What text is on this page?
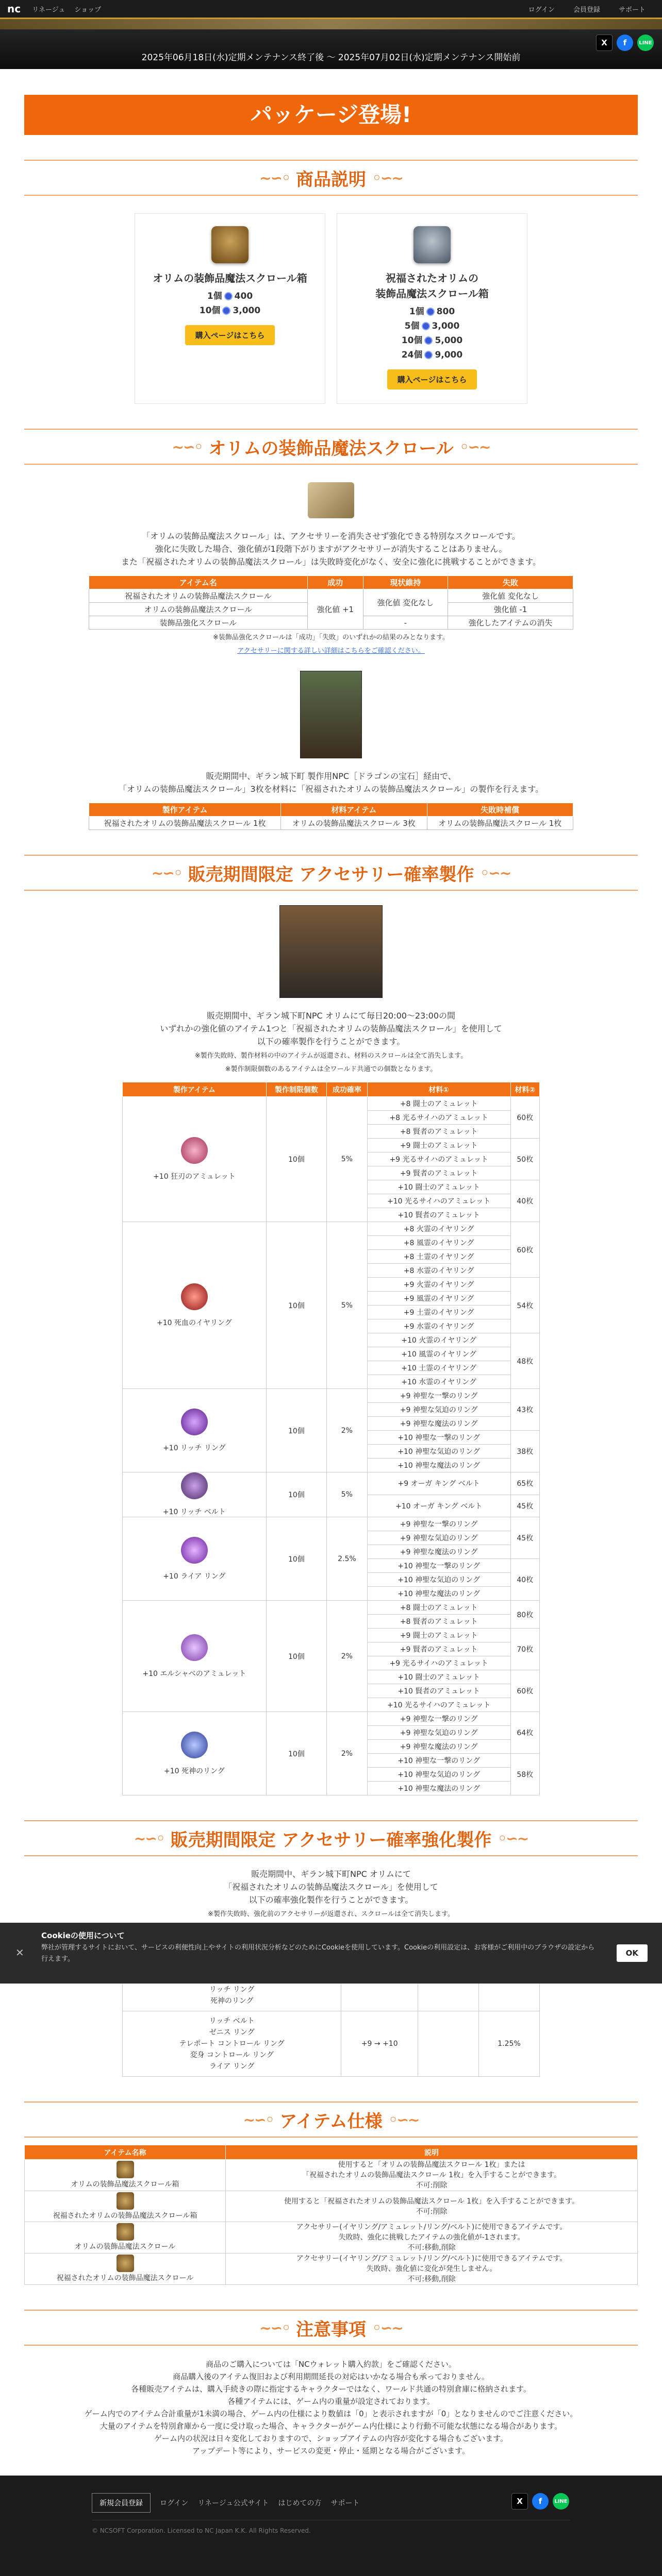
nc リネージュ ショップ	ログイン	会員登録	サポート
X	f	LINE
2025年06月18日(水)定期メンテナンス終了後 ～ 2025年07月02日(水)定期メンテナンス開始前
パッケージ登場!
~∽◦ 商品説明 ◦∽~
オリムの装飾品魔法スクロール箱
1個 400
10個 3,000
購入ページはこちら
祝福されたオリムの
装飾品魔法スクロール箱
1個 800
5個 3,000
10個 5,000
24個 9,000
購入ページはこちら
~∽◦ オリムの装飾品魔法スクロール ◦∽~
「オリムの装飾品魔法スクロール」は、アクセサリーを消失させず強化できる特別なスクロールです。
強化に失敗した場合、強化値が1段階下がりますがアクセサリーが消失することはありません。
また「祝福されたオリムの装飾品魔法スクロール」は失敗時変化がなく、安全に強化に挑戦することができます。
アイテム名	成功	現状維持	失敗
祝福されたオリムの装飾品魔法スクロール	強化値 +1	強化値 変化なし	強化値 変化なし
オリムの装飾品魔法スクロール			強化値 -1
装飾品強化スクロール		-	強化したアイテムの消失
※装飾品強化スクロールは「成功」「失敗」のいずれかの結果のみとなります。
アクセサリーに関する詳しい詳細はこちらをご確認ください。
販売期間中、ギラン城下町 製作用NPC［ドラゴンの宝石］経由で、
「オリムの装飾品魔法スクロール」3枚を材料に「祝福されたオリムの装飾品魔法スクロール」の製作を行えます。
製作アイテム	材料アイテム	失敗時補償
祝福されたオリムの装飾品魔法スクロール 1枚	オリムの装飾品魔法スクロール 3枚	オリムの装飾品魔法スクロール 1枚
~∽◦ 販売期間限定 アクセサリー確率製作 ◦∽~
販売期間中、ギラン城下町NPC オリムにて毎日20:00～23:00の間
いずれかの強化値のアイテム1つと「祝福されたオリムの装飾品魔法スクロール」を使用して
以下の確率製作を行うことができます。
※製作失敗時、製作材料の中のアイテムが返還され、材料のスクロールは全て消失します。
※製作制限個数のあるアイテムは全ワールド共通での個数となります。
製作アイテム	製作制限個数	成功確率	材料①	材料②

+10 狂刃のアミュレット	10個	5%	+8 闘士のアミュレット	60枚
			+8 光るサイハのアミュレット	
			+8 賢者のアミュレット	
			+9 闘士のアミュレット	50枚
			+9 光るサイハのアミュレット	
			+9 賢者のアミュレット	
			+10 闘士のアミュレット	40枚
			+10 光るサイハのアミュレット	
			+10 賢者のアミュレット	

+10 死血のイヤリング	10個	5%	+8 火霊のイヤリング	60枚
			+8 風霊のイヤリング	
			+8 土霊のイヤリング	
			+8 水霊のイヤリング	
			+9 火霊のイヤリング	54枚
			+9 風霊のイヤリング	
			+9 土霊のイヤリング	
			+9 水霊のイヤリング	
			+10 火霊のイヤリング	48枚
			+10 風霊のイヤリング	
			+10 土霊のイヤリング	
			+10 水霊のイヤリング	

+10 リッチ リング	10個	2%	+9 神聖な一撃のリング	43枚
			+9 神聖な気迫のリング	
			+9 神聖な魔法のリング	
			+10 神聖な一撃のリング	38枚
			+10 神聖な気迫のリング	
			+10 神聖な魔法のリング	

+10 リッチ ベルト	10個	5%	+9 オーガ キング ベルト	65枚
			+10 オーガ キング ベルト	45枚

+10 ライア リング	10個	2.5%	+9 神聖な一撃のリング	45枚
			+9 神聖な気迫のリング	
			+9 神聖な魔法のリング	
			+10 神聖な一撃のリング	40枚
			+10 神聖な気迫のリング	
			+10 神聖な魔法のリング	

+10 エルシャベのアミュレット	10個	2%	+8 闘士のアミュレット	80枚
			+8 賢者のアミュレット	
			+9 闘士のアミュレット	70枚
			+9 賢者のアミュレット	
			+9 光るサイハのアミュレット	
			+10 闘士のアミュレット	60枚
			+10 賢者のアミュレット	
			+10 光るサイハのアミュレット	

+10 死神のリング	10個	2%	+9 神聖な一撃のリング	64枚
			+9 神聖な気迫のリング	
			+9 神聖な魔法のリング	
			+10 神聖な一撃のリング	58枚
			+10 神聖な気迫のリング	
			+10 神聖な魔法のリング	
~∽◦ 販売期間限定 アクセサリー確率強化製作 ◦∽~
販売期間中、ギラン城下町NPC オリムにて
「祝福されたオリムの装飾品魔法スクロール」を使用して
以下の確率強化製作を行うことができます。
※製作失敗時、強化前のアクセサリーが返還され、スクロールは全て消失します。

リッチ リング
死神のリング			
リッチ ベルト
ゼニス リング
テレポート コントロール リング
変身 コントロール リング
ライア リング	+9 → +10		1.25%
~∽◦ アイテム仕様 ◦∽~
アイテム名称	説明

オリムの装飾品魔法スクロール箱	使用すると「オリムの装飾品魔法スクロール 1枚」または
「祝福されたオリムの装飾品魔法スクロール 1枚」を入手することができます。
不可:削除

祝福されたオリムの装飾品魔法スクロール箱	使用すると「祝福されたオリムの装飾品魔法スクロール 1枚」を入手することができます。
不可:削除

オリムの装飾品魔法スクロール	アクセサリー(イヤリング/アミュレット/リング/ベルト)に使用できるアイテムです。
失敗時、強化に挑戦したアイテムの強化値が-1されます。
不可:移動,削除

祝福されたオリムの装飾品魔法スクロール	アクセサリー(イヤリング/アミュレット/リング/ベルト)に使用できるアイテムです。
失敗時、強化値に変化が発生しません。
不可:移動,削除
~∽◦ 注意事項 ◦∽~
商品のご購入については「NCウォレット購入約款」をご確認ください。
商品購入後のアイテム復旧および利用期間延長の対応はいかなる場合も承っておりません。
各種販売アイテムは、購入手続きの際に指定するキャラクターではなく、ワールド共通の特別倉庫に格納されます。
各種アイテムには、ゲーム内の重量が設定されております。
ゲーム内でのアイテム合計重量が1未満の場合、ゲーム内の仕様により数値は「0」と表示されますが「0」となりませんのでご注意ください。
大量のアイテムを特別倉庫から一度に受け取った場合、キャラクターがゲーム内仕様により行動不可能な状態になる場合があります。
ゲーム内の状況は日々変化しておりますので、ショップアイテムの内容が変化する場合もございます。
アップデート等により、サービスの変更・停止・延期となる場合がございます。
✕
Cookieの使用について
弊社が管理するサイトにおいて、サービスの利便性向上やサイトの利用状況分析などのためにCookieを使用しています。Cookieの利用設定は、お客様がご利用中のブラウザの設定から行えます。
OK
新規会員登録	ログイン リネージュ公式サイト はじめての方 サポート	X	f	LINE
© NCSOFT Corporation. Licensed to NC Japan K.K. All Rights Reserved.
